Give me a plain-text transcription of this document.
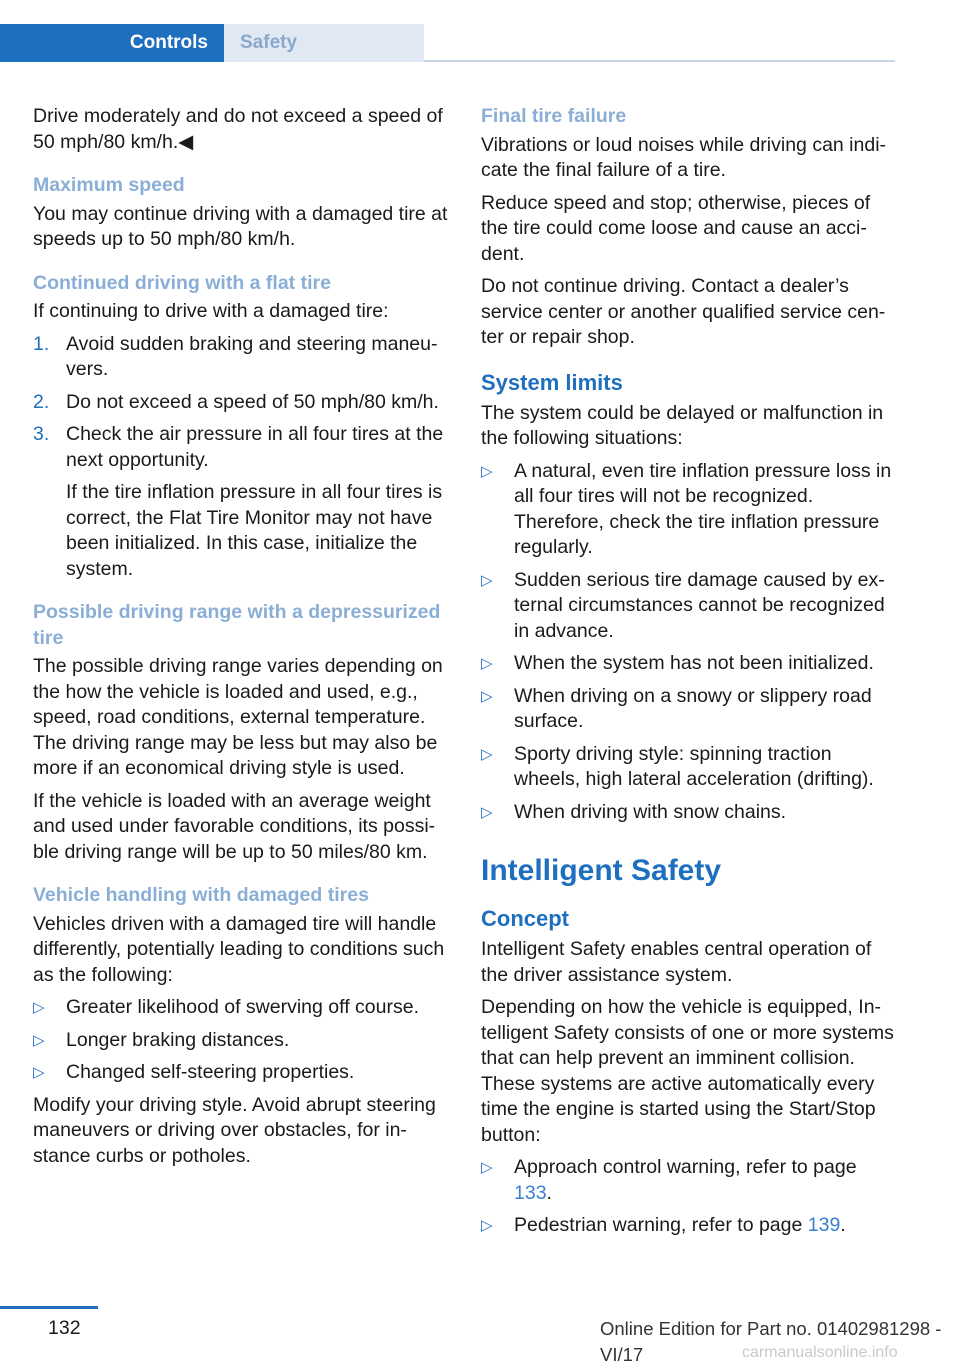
Controls	Safety

Drive moderately and do not exceed a speed of 50 mph/80 km/h.◀

Maximum speed

You may continue driving with a damaged tire at speeds up to 50 mph/80 km/h.

Continued driving with a flat tire

If continuing to drive with a damaged tire:

1. Avoid sudden braking and steering maneuvers.
2. Do not exceed a speed of 50 mph/80 km/h.
3. Check the air pressure in all four tires at the next opportunity.
If the tire inflation pressure in all four tires is correct, the Flat Tire Monitor may not have been initialized. In this case, initialize the system.
Possible driving range with a depressurized tire

The possible driving range varies depending on the how the vehicle is loaded and used, e.g., speed, road conditions, external temperature. The driving range may be less but may also be more if an economical driving style is used.

If the vehicle is loaded with an average weight and used under favorable conditions, its possible driving range will be up to 50 miles/80 km.

Vehicle handling with damaged tires

Vehicles driven with a damaged tire will handle differently, potentially leading to conditions such as the following:

▷ Greater likelihood of swerving off course.
▷ Longer braking distances.
▷ Changed self-steering properties.

Modify your driving style. Avoid abrupt steering maneuvers or driving over obstacles, for instance curbs or potholes.

Final tire failure

Vibrations or loud noises while driving can indicate the final failure of a tire.

Reduce speed and stop; otherwise, pieces of the tire could come loose and cause an accident.

Do not continue driving. Contact a dealer’s service center or another qualified service center or repair shop.

System limits

The system could be delayed or malfunction in the following situations:

▷ A natural, even tire inflation pressure loss in all four tires will not be recognized. Therefore, check the tire inflation pressure regularly.
▷ Sudden serious tire damage caused by external circumstances cannot be recognized in advance.
▷ When the system has not been initialized.
▷ When driving on a snowy or slippery road surface.
▷ Sporty driving style: spinning traction wheels, high lateral acceleration (drifting).
▷ When driving with snow chains.
Intelligent Safety
Concept

Intelligent Safety enables central operation of the driver assistance system.

Depending on how the vehicle is equipped, Intelligent Safety consists of one or more systems that can help prevent an imminent collision. These systems are active automatically every time the engine is started using the Start/Stop button:

▷ Approach control warning, refer to page 133.
▷ Pedestrian warning, refer to page 139.
132	Online Edition for Part no. 01402981298 - VI/17	carmanualsonline.info
